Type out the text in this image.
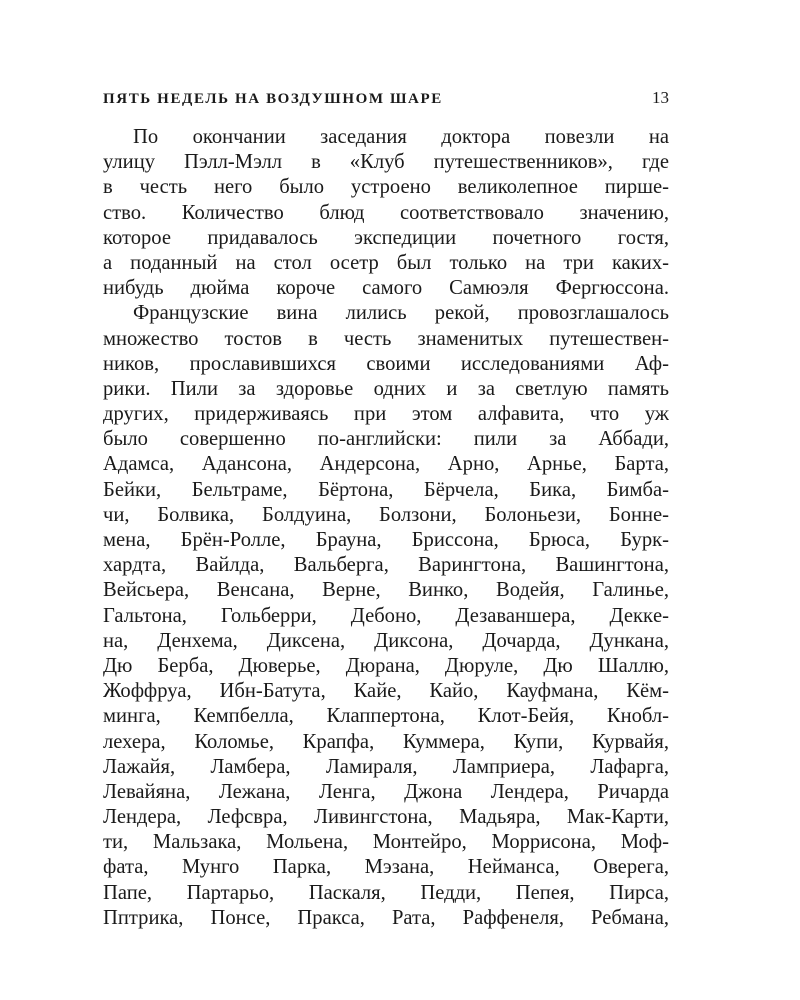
ПЯТЬ НЕДЕЛЬ НА ВОЗДУШНОМ ШАРЕ	13
По окончании заседания доктора повезли на
улицу Пэлл-Мэлл в «Клуб путешественников», где
в честь него было устроено великолепное пирше-
ство. Количество блюд соответствовало значению,
которое придавалось экспедиции почетного гостя,
а поданный на стол осетр был только на три каких-
нибудь дюйма короче самого Самюэля Фергюссона.
Французские вина лились рекой, провозглашалось
множество тостов в честь знаменитых путешествен-
ников, прославившихся своими исследованиями Аф-
рики. Пили за здоровье одних и за светлую память
других, придерживаясь при этом алфавита, что уж
было совершенно по-английски: пили за Аббади,
Адамса, Адансона, Андерсона, Арно, Арнье, Барта,
Бейки, Бельтраме, Бёртона, Бёрчела, Бика, Бимба-
чи, Болвика, Болдуина, Болзони, Болоньези, Бонне-
мена, Брён-Ролле, Брауна, Бриссона, Брюса, Бурк-
хардта, Вайлда, Вальберга, Варингтона, Вашингтона,
Вейсьера, Венсана, Верне, Винко, Водейя, Галинье,
Гальтона, Гольберри, Дебоно, Дезаваншера, Деккe-
на, Денхема, Диксена, Диксона, Дочарда, Дункана,
Дю Берба, Дюверье, Дюрана, Дюрулe, Дю Шаллю,
Жоффруа, Ибн-Батута, Кайе, Кайо, Кауфмана, Кём-
минга, Кемпбелла, Клаппертона, Клот-Бейя, Кнобл-
лехера, Коломье, Крапфа, Куммера, Купи, Курвайя,
Лажайя, Ламбера, Ламираля, Ламприера, Лафарга,
Левайяна, Лежана, Ленга, Джона Лендера, Ричарда
Лендера, Лефсвра, Ливингстона, Мадьяра, Мак-Карти,
ти, Мальзака, Мольена, Монтейро, Моррисона, Моф-
фата, Мунго Парка, Мэзана, Неймaнса, Оверега,
Папе, Партарьо, Паскаля, Педди, Пепея, Пирса,
Пптрика, Понсе, Пракса, Рата, Раффенеля, Ребмана,
